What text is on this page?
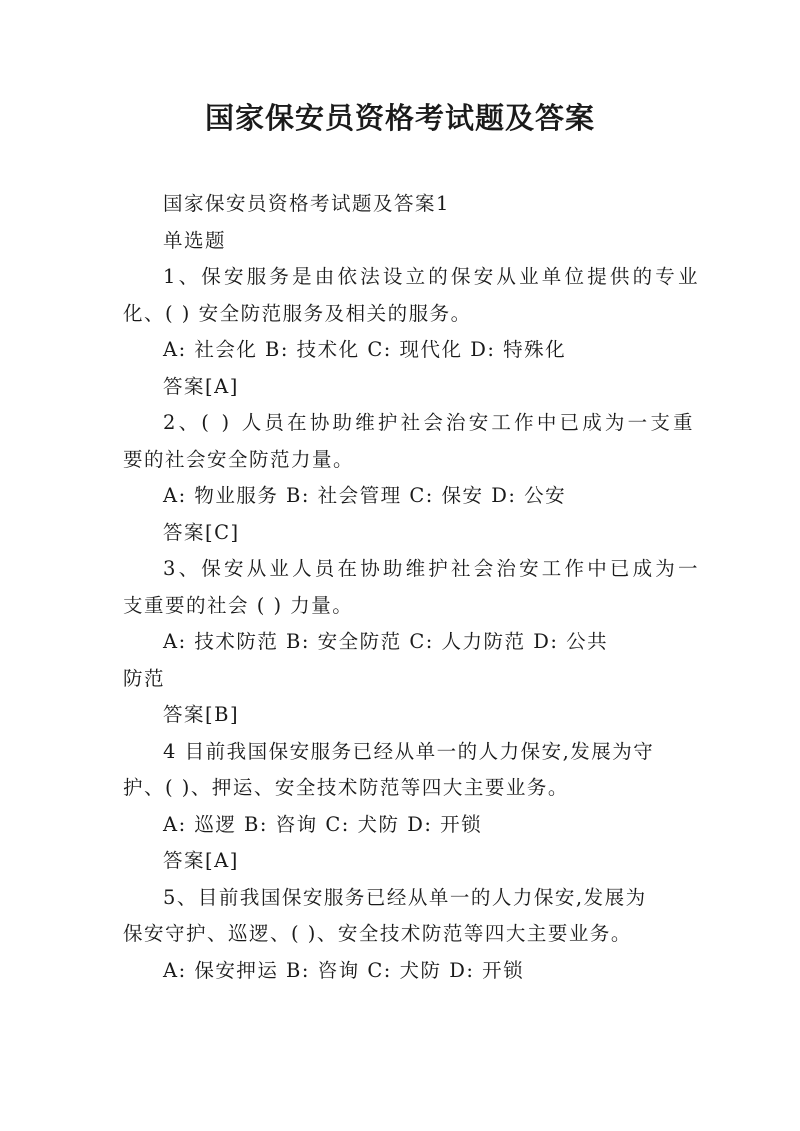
国家保安员资格考试题及答案
国家保安员资格考试题及答案1
单选题
1、保安服务是由依法设立的保安从业单位提供的专业
化、( ) 安全防范服务及相关的服务。
A: 社会化 B: 技术化 C: 现代化 D: 特殊化
答案[A]
2、( ) 人员在协助维护社会治安工作中已成为一支重
要的社会安全防范力量。
A: 物业服务 B: 社会管理 C: 保安 D: 公安
答案[C]
3、保安从业人员在协助维护社会治安工作中已成为一
支重要的社会 ( ) 力量。
A: 技术防范 B: 安全防范 C: 人力防范 D: 公共
防范
答案[B]
4 目前我国保安服务已经从单一的人力保安,发展为守
护、( )、押运、安全技术防范等四大主要业务。
A: 巡逻 B: 咨询 C: 犬防 D: 开锁
答案[A]
5、目前我国保安服务已经从单一的人力保安,发展为
保安守护、巡逻、( )、安全技术防范等四大主要业务。
A: 保安押运 B: 咨询 C: 犬防 D: 开锁
